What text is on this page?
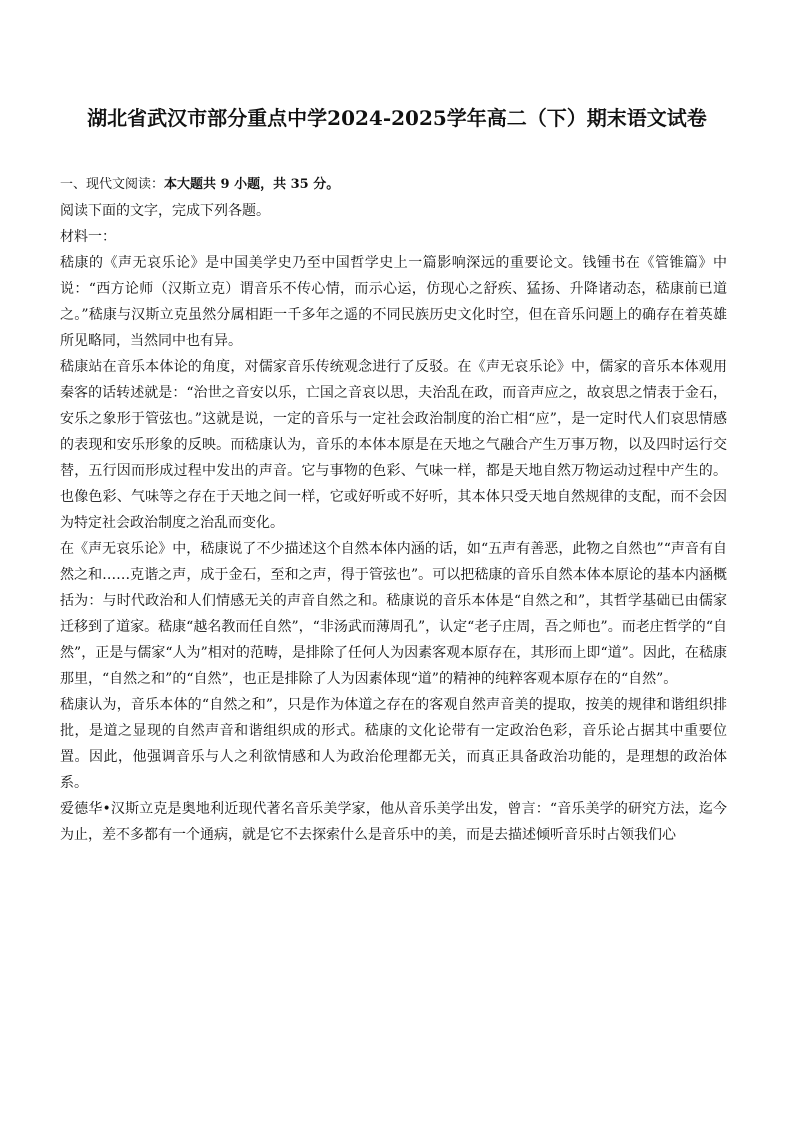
湖北省武汉市部分重点中学2024-2025学年高二（下）期末语文试卷

一、现代文阅读：本大题共 9 小题，共 35 分。

阅读下面的文字，完成下列各题。

材料一：

嵇康的《声无哀乐论》是中国美学史乃至中国哲学史上一篇影响深远的重要论文。钱锺书在《管锥篇》中说：“西方论师（汉斯立克）谓音乐不传心情，而示心运，仿现心之舒疾、猛扬、升降诸动态，嵇康前已道之。”嵇康与汉斯立克虽然分属相距一千多年之遥的不同民族历史文化时空，但在音乐问题上的确存在着英雄所见略同，当然同中也有异。

嵇康站在音乐本体论的角度，对儒家音乐传统观念进行了反驳。在《声无哀乐论》中，儒家的音乐本体观用秦客的话转述就是：“治世之音安以乐，亡国之音哀以思，夫治乱在政，而音声应之，故哀思之情表于金石，安乐之象形于管弦也。”这就是说，一定的音乐与一定社会政治制度的治亡相“应”，是一定时代人们哀思情感的表现和安乐形象的反映。而嵇康认为，音乐的本体本原是在天地之气融合产生万事万物，以及四时运行交替，五行因而形成过程中发出的声音。它与事物的色彩、气味一样，都是天地自然万物运动过程中产生的。也像色彩、气味等之存在于天地之间一样，它或好听或不好听，其本体只受天地自然规律的支配，而不会因为特定社会政治制度之治乱而变化。

在《声无哀乐论》中，嵇康说了不少描述这个自然本体内涵的话，如“五声有善恶，此物之自然也”“声音有自然之和……克谐之声，成于金石，至和之声，得于管弦也”。可以把嵇康的音乐自然本体本原论的基本内涵概括为：与时代政治和人们情感无关的声音自然之和。嵇康说的音乐本体是“自然之和”，其哲学基础已由儒家迁移到了道家。嵇康“越名教而任自然”，“非汤武而薄周孔”，认定“老子庄周，吾之师也”。而老庄哲学的“自然”，正是与儒家“人为”相对的范畴，是排除了任何人为因素客观本原存在，其形而上即“道”。因此，在嵇康那里，“自然之和”的“自然”，也正是排除了人为因素体现“道”的精神的纯粹客观本原存在的“自然”。

嵇康认为，音乐本体的“自然之和”，只是作为体道之存在的客观自然声音美的提取，按美的规律和谐组织排批，是道之显现的自然声音和谐组织成的形式。嵇康的文化论带有一定政治色彩，音乐论占据其中重要位置。因此，他强调音乐与人之利欲情感和人为政治伦理都无关，而真正具备政治功能的，是理想的政治体系。

爱德华•汉斯立克是奥地利近现代著名音乐美学家，他从音乐美学出发，曾言：“音乐美学的研究方法，迄今为止，差不多都有一个通病，就是它不去探索什么是音乐中的美，而是去描述倾听音乐时占领我们心
